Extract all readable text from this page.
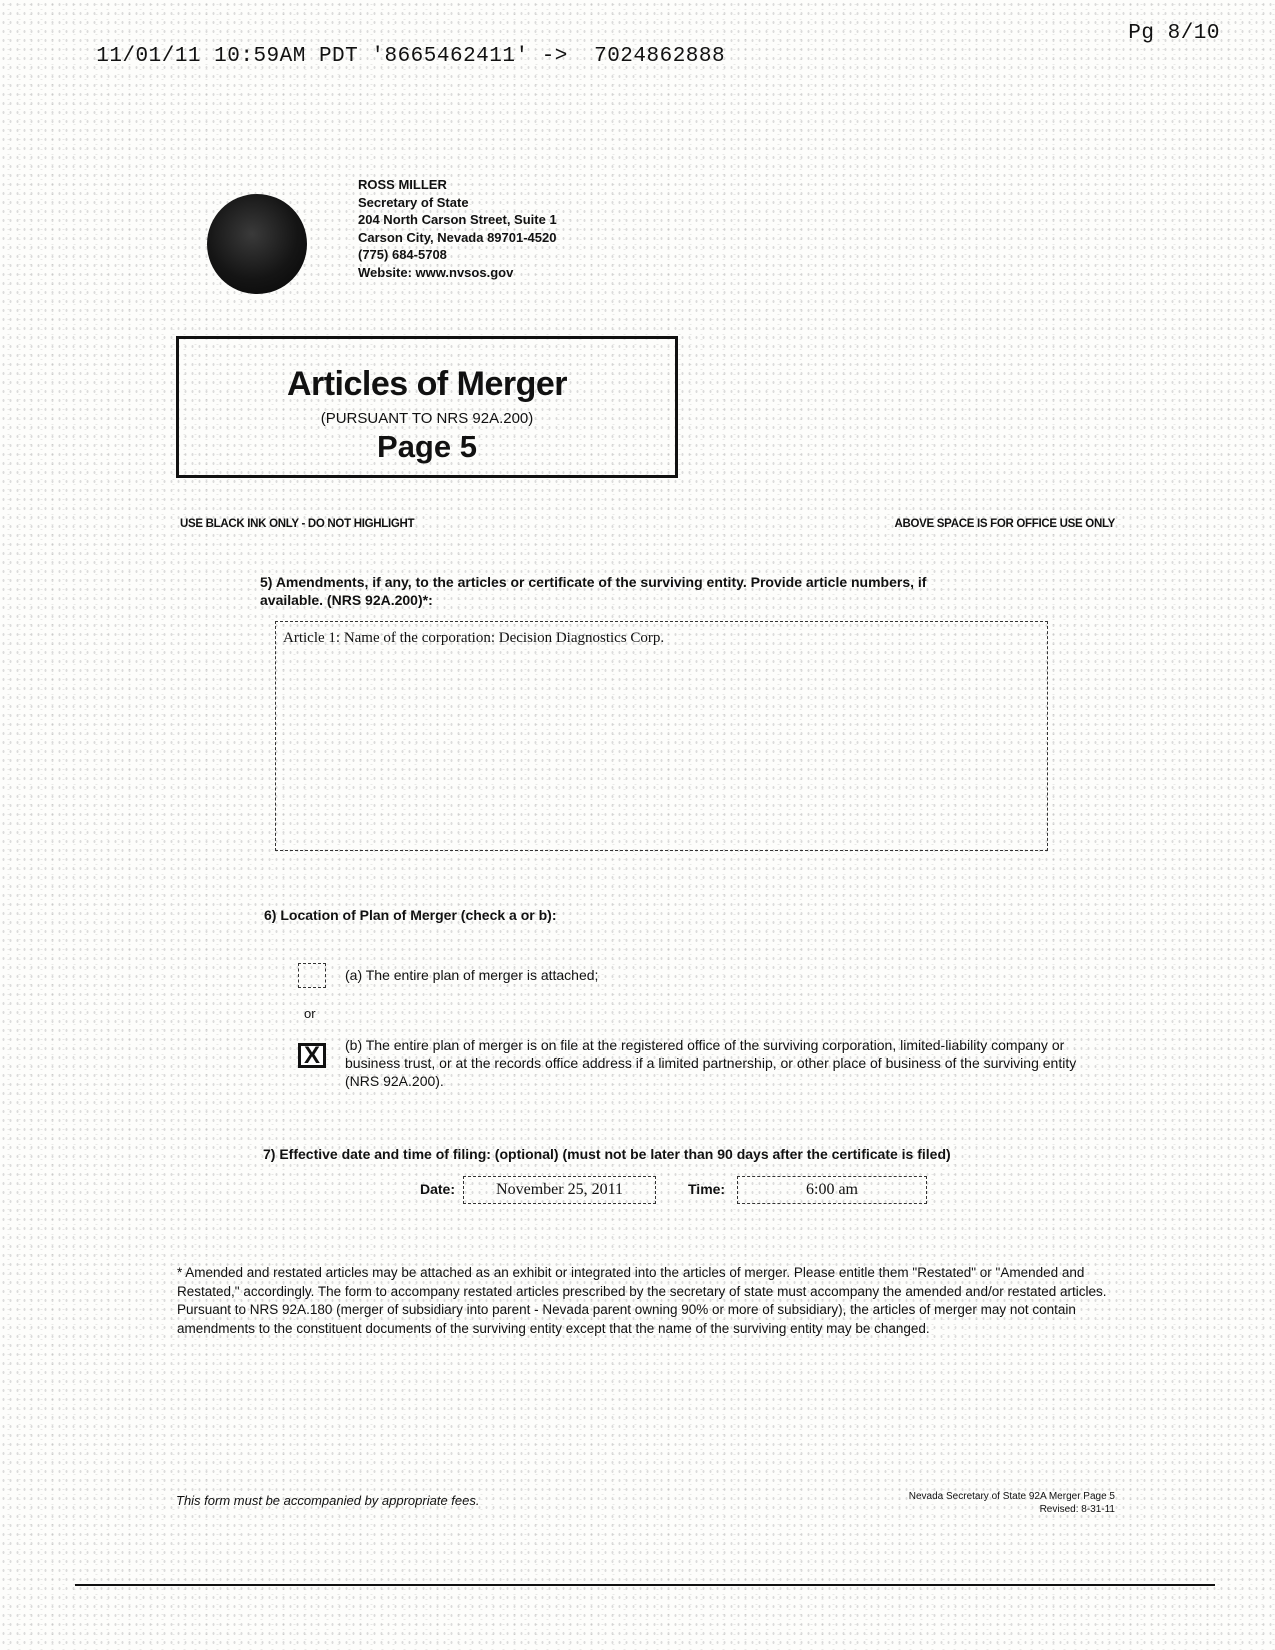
11/01/11 10:59AM PDT '8665462411' ->  7024862888

Pg 8/10

ROSS MILLER
Secretary of State
204 North Carson Street, Suite 1
Carson City, Nevada 89701-4520
(775) 684-5708
Website: www.nvsos.gov
Articles of Merger
(PURSUANT TO NRS 92A.200)
Page 5
USE BLACK INK ONLY - DO NOT HIGHLIGHT	ABOVE SPACE IS FOR OFFICE USE ONLY
5) Amendments, if any, to the articles or certificate of the surviving entity. Provide article numbers, if available. (NRS 92A.200)*:
Article 1: Name of the corporation: Decision Diagnostics Corp.
6) Location of Plan of Merger (check a or b):
(a) The entire plan of merger is attached;
or
X	(b) The entire plan of merger is on file at the registered office of the surviving corporation, limited-liability company or business trust, or at the records office address if a limited partnership, or other place of business of the surviving entity (NRS 92A.200).
7) Effective date and time of filing: (optional) (must not be later than 90 days after the certificate is filed)
Date:	November 25, 2011	Time:	6:00 am
* Amended and restated articles may be attached as an exhibit or integrated into the articles of merger. Please entitle them "Restated" or "Amended and Restated," accordingly. The form to accompany restated articles prescribed by the secretary of state must accompany the amended and/or restated articles. Pursuant to NRS 92A.180 (merger of subsidiary into parent - Nevada parent owning 90% or more of subsidiary), the articles of merger may not contain amendments to the constituent documents of the surviving entity except that the name of the surviving entity may be changed.
This form must be accompanied by appropriate fees.	Nevada Secretary of State 92A Merger Page 5
Revised: 8-31-11
